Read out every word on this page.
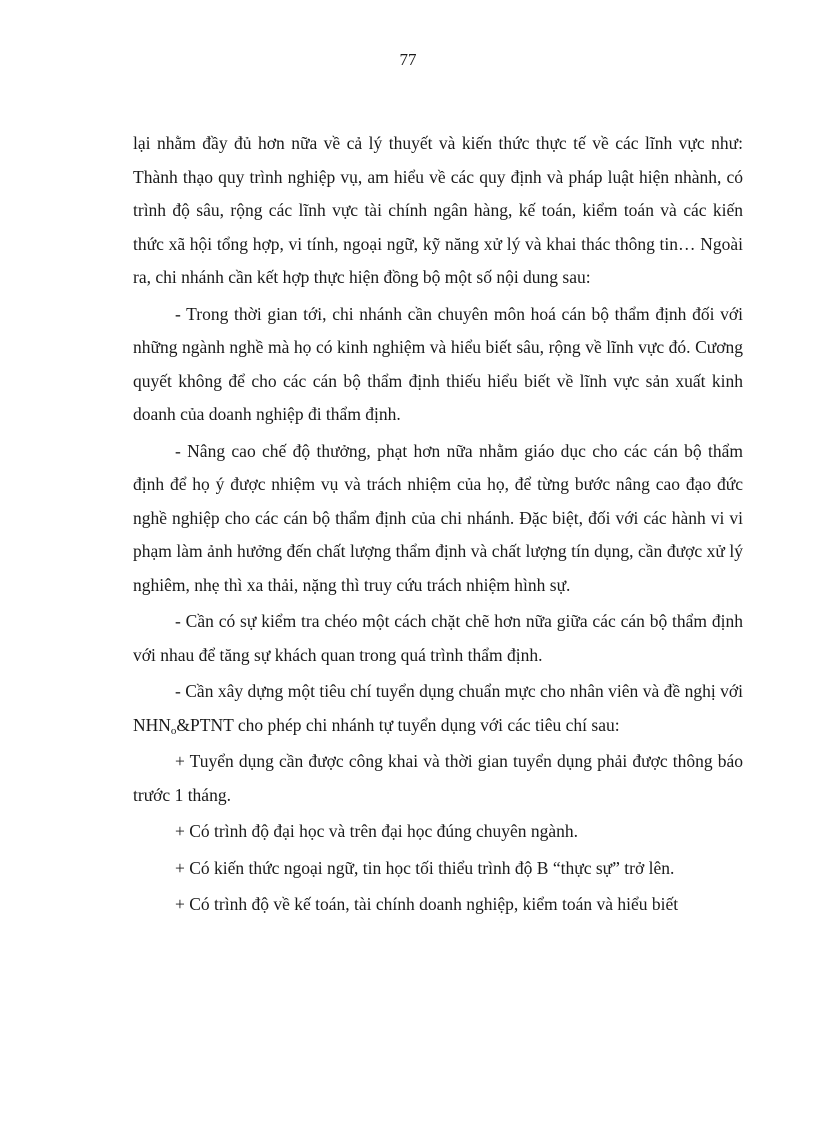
77

lại nhằm đầy đủ hơn nữa về cả lý thuyết và kiến thức thực tế về các lĩnh vực như: Thành thạo quy trình nghiệp vụ, am hiểu về các quy định và pháp luật hiện nhành, có trình độ sâu, rộng các lĩnh vực tài chính ngân hàng, kế toán, kiểm toán và các kiến thức xã hội tổng hợp, vi tính, ngoại ngữ, kỹ năng xử lý và khai thác thông tin… Ngoài ra, chi nhánh cần kết hợp thực hiện đồng bộ một số nội dung sau:

- Trong thời gian tới, chi nhánh cần chuyên môn hoá cán bộ thẩm định đối với những ngành nghề mà họ có kinh nghiệm và hiểu biết sâu, rộng về lĩnh vực đó. Cương quyết không để cho các cán bộ thẩm định thiếu hiểu biết về lĩnh vực sản xuất kinh doanh của doanh nghiệp đi thẩm định.

- Nâng cao chế độ thưởng, phạt hơn nữa nhằm giáo dục cho các cán bộ thẩm định để họ ý được nhiệm vụ và trách nhiệm của họ, để từng bước nâng cao đạo đức nghề nghiệp cho các cán bộ thẩm định của chi nhánh. Đặc biệt, đối với các hành vi vi phạm làm ảnh hưởng đến chất lượng thẩm định và chất lượng tín dụng, cần được xử lý nghiêm, nhẹ thì xa thải, nặng thì truy cứu trách nhiệm hình sự.

- Cần có sự kiểm tra chéo một cách chặt chẽ hơn nữa giữa các cán bộ thẩm định với nhau để tăng sự khách quan trong quá trình thẩm định.

- Cần xây dựng một tiêu chí tuyển dụng chuẩn mực cho nhân viên và đề nghị với $NHN_o\&PTNT$ cho phép chi nhánh tự tuyển dụng với các tiêu chí sau:

+ Tuyển dụng cần được công khai và thời gian tuyển dụng phải được thông báo trước 1 tháng.

+ Có trình độ đại học và trên đại học đúng chuyên ngành.

+ Có kiến thức ngoại ngữ, tin học tối thiểu trình độ B “thực sự” trở lên.

+ Có trình độ về kế toán, tài chính doanh nghiệp, kiểm toán và hiểu biết
